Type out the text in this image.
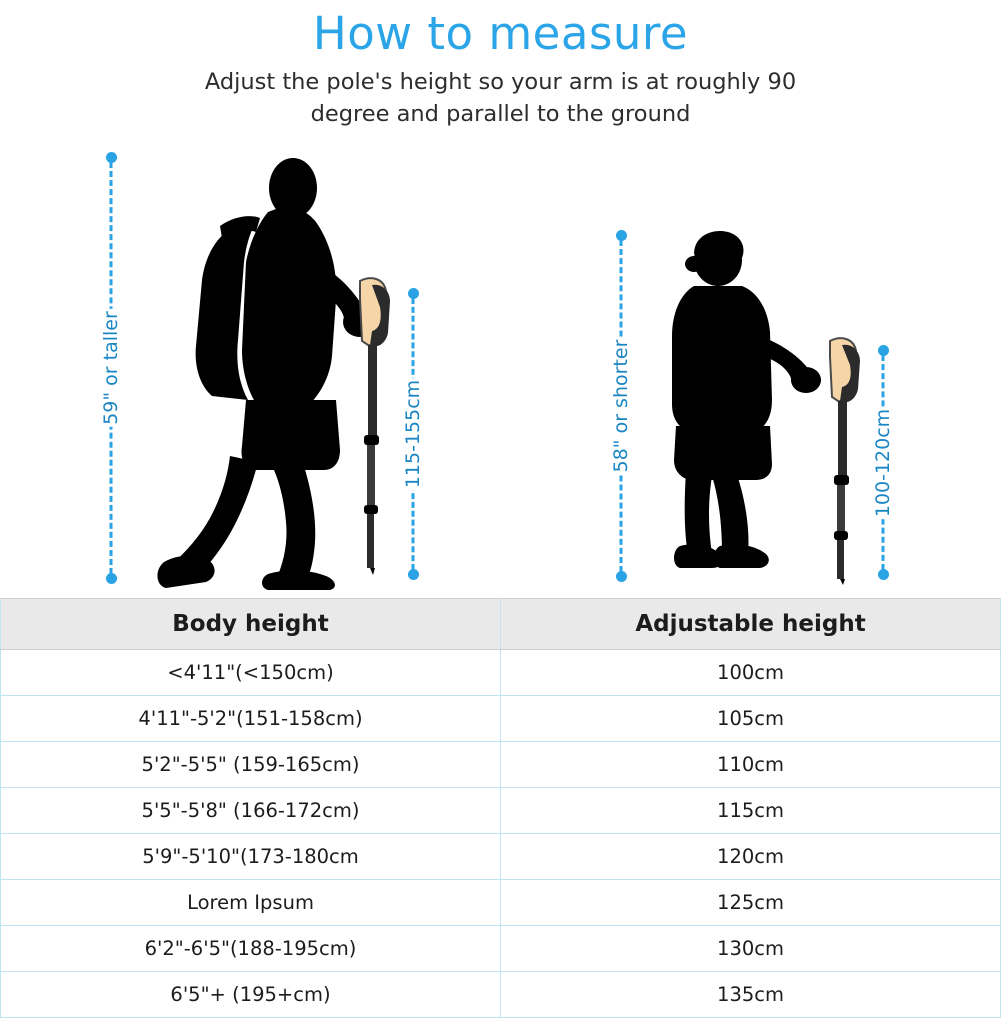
How to measure

Adjust the pole's height so your arm is at roughly 90 degree and parallel to the ground

59" or taller
115-155cm	58" or shorter	100-120cm
Body height	Adjustable height
<4'11"(<150cm)	100cm
4'11"-5'2"(151-158cm)	105cm
5'2"-5'5" (159-165cm)	110cm
5'5"-5'8" (166-172cm)	115cm
5'9"-5'10"(173-180cm	120cm
Lorem Ipsum	125cm
6'2"-6'5"(188-195cm)	130cm
6'5"+ (195+cm)	135cm
